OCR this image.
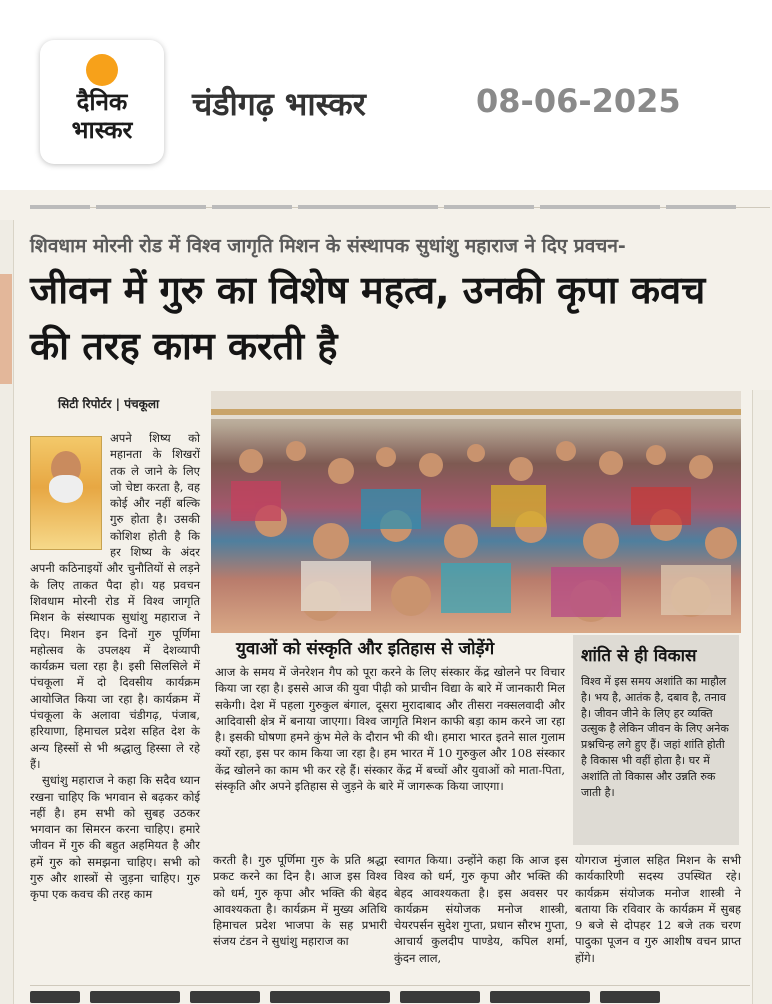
दैनिक
भास्कर
चंडीगढ़ भास्कर	08-06-2025
शिवधाम मोरनी रोड में विश्व जागृति मिशन के संस्थापक सुधांशु महाराज ने दिए प्रवचन-
जीवन में गुरु का विशेष महत्व, उनकी कृपा कवच की तरह काम करती है
सिटी रिपोर्टर | पंचकूला

अपने शिष्य को महानता के शिखरों तक ले जाने के लिए जो चेष्टा करता है, वह कोई और नहीं बल्कि गुरु होता है। उसकी कोशिश होती है कि हर शिष्य के अंदर अपनी कठिनाइयों और चुनौतियों से लड़ने के लिए ताकत पैदा हो। यह प्रवचन शिवधाम मोरनी रोड में विश्व जागृति मिशन के संस्थापक सुधांशु महाराज ने दिए। मिशन इन दिनों गुरु पूर्णिमा महोत्सव के उपलक्ष्य में देशव्यापी कार्यक्रम चला रहा है। इसी सिलसिले में पंचकूला में दो दिवसीय कार्यक्रम आयोजित किया जा रहा है। कार्यक्रम में पंचकूला के अलावा चंडीगढ़, पंजाब, हरियाणा, हिमाचल प्रदेश सहित देश के अन्य हिस्सों से भी श्रद्धालु हिस्सा ले रहे हैं।

सुधांशु महाराज ने कहा कि सदैव ध्यान रखना चाहिए कि भगवान से बढ़कर कोई नहीं है। हम सभी को सुबह उठकर भगवान का सिमरन करना चाहिए। हमारे जीवन में गुरु की बहुत अहमियत है और हमें गुरु को समझना चाहिए। सभी को गुरु और शास्त्रों से जुड़ना चाहिए। गुरु कृपा एक कवच की तरह काम

युवाओं को संस्कृति और इतिहास से जोड़ेंगे

आज के समय में जेनरेशन गैप को पूरा करने के लिए संस्कार केंद्र खोलने पर विचार किया जा रहा है। इससे आज की युवा पीढ़ी को प्राचीन विद्या के बारे में जानकारी मिल सकेगी। देश में पहला गुरुकुल बंगाल, दूसरा मुरादाबाद और तीसरा नक्सलवादी और आदिवासी क्षेत्र में बनाया जाएगा। विश्व जागृति मिशन काफी बड़ा काम करने जा रहा है। इसकी घोषणा हमने कुंभ मेले के दौरान भी की थी। हमारा भारत इतने साल गुलाम क्यों रहा, इस पर काम किया जा रहा है। हम भारत में 10 गुरुकुल और 108 संस्कार केंद्र खोलने का काम भी कर रहे हैं। संस्कार केंद्र में बच्चों और युवाओं को माता-पिता, संस्कृति और अपने इतिहास से जुड़ने के बारे में जागरूक किया जाएगा।

शांति से ही विकास

विश्व में इस समय अशांति का माहौल है। भय है, आतंक है, दबाव है, तनाव है। जीवन जीने के लिए हर व्यक्ति उत्सुक है लेकिन जीवन के लिए अनेक प्रश्नचिन्ह लगे हुए हैं। जहां शांति होती है विकास भी वहीं होता है। घर में अशांति तो विकास और उन्नति रुक जाती है।

करती है। गुरु पूर्णिमा गुरु के प्रति श्रद्धा प्रकट करने का दिन है। आज इस विश्व को धर्म, गुरु कृपा और भक्ति की बेहद आवश्यकता है। कार्यक्रम में मुख्य अतिथि हिमाचल प्रदेश भाजपा के सह प्रभारी संजय टंडन ने सुधांशु महाराज का

स्वागत किया। उन्होंने कहा कि आज इस विश्व को धर्म, गुरु कृपा और भक्ति की बेहद आवश्यकता है। इस अवसर पर कार्यक्रम संयोजक मनोज शास्त्री, चेयरपर्सन सुदेश गुप्ता, प्रधान सौरभ गुप्ता, आचार्य कुलदीप पाण्डेय, कपिल शर्मा, कुंदन लाल,

योगराज मुंजाल सहित मिशन के सभी कार्यकारिणी सदस्य उपस्थित रहे। कार्यक्रम संयोजक मनोज शास्त्री ने बताया कि रविवार के कार्यक्रम में सुबह 9 बजे से दोपहर 12 बजे तक चरण पादुका पूजन व गुरु आशीष वचन प्राप्त होंगे।
